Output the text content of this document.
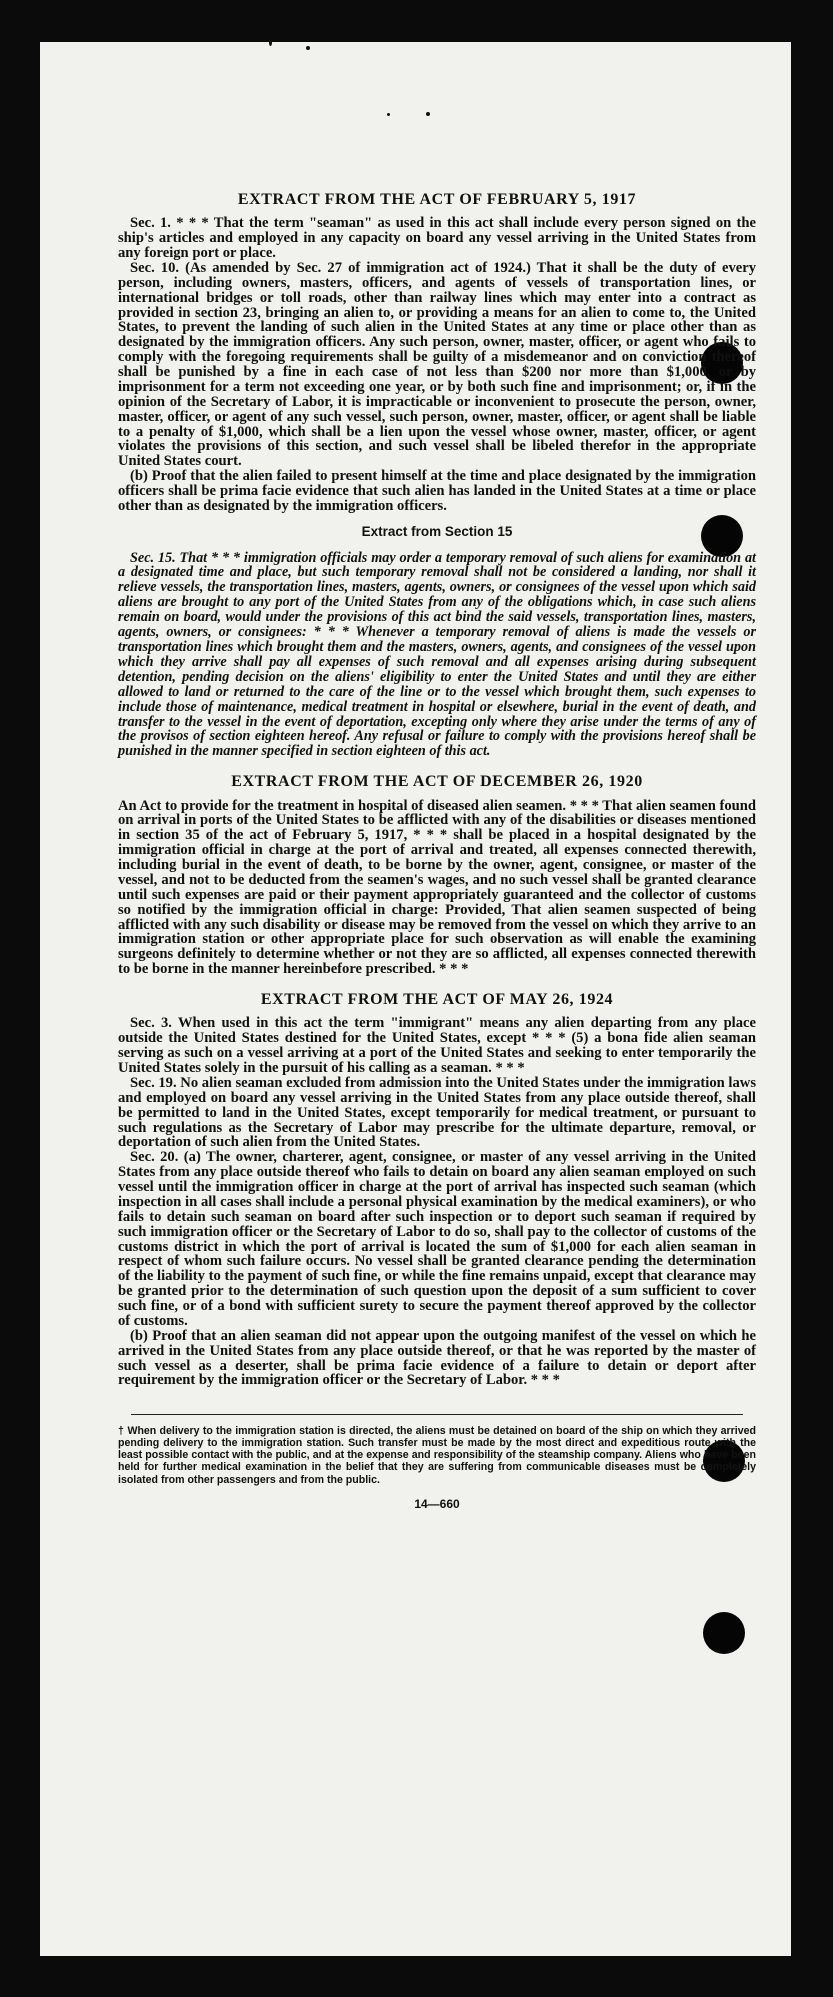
EXTRACT FROM THE ACT OF FEBRUARY 5, 1917

Sec. 1. * * * That the term "seaman" as used in this act shall include every person signed on the ship's articles and employed in any capacity on board any vessel arriving in the United States from any foreign port or place.

Sec. 10. (As amended by Sec. 27 of immigration act of 1924.) That it shall be the duty of every person, including owners, masters, officers, and agents of vessels of transportation lines, or international bridges or toll roads, other than railway lines which may enter into a contract as provided in section 23, bringing an alien to, or providing a means for an alien to come to, the United States, to prevent the landing of such alien in the United States at any time or place other than as designated by the immigration officers. Any such person, owner, master, officer, or agent who fails to comply with the foregoing requirements shall be guilty of a misdemeanor and on conviction thereof shall be punished by a fine in each case of not less than $200 nor more than $1,000, or by imprisonment for a term not exceeding one year, or by both such fine and imprisonment; or, if in the opinion of the Secretary of Labor, it is impracticable or inconvenient to prosecute the person, owner, master, officer, or agent of any such vessel, such person, owner, master, officer, or agent shall be liable to a penalty of $1,000, which shall be a lien upon the vessel whose owner, master, officer, or agent violates the provisions of this section, and such vessel shall be libeled therefor in the appropriate United States court.

(b) Proof that the alien failed to present himself at the time and place designated by the immigration officers shall be prima facie evidence that such alien has landed in the United States at a time or place other than as designated by the immigration officers.

Extract from Section 15

Sec. 15. That * * * immigration officials may order a temporary removal of such aliens for examination at a designated time and place, but such temporary removal shall not be considered a landing, nor shall it relieve vessels, the transportation lines, masters, agents, owners, or consignees of the vessel upon which said aliens are brought to any port of the United States from any of the obligations which, in case such aliens remain on board, would under the provisions of this act bind the said vessels, transportation lines, masters, agents, owners, or consignees: * * * Whenever a temporary removal of aliens is made the vessels or transportation lines which brought them and the masters, owners, agents, and consignees of the vessel upon which they arrive shall pay all expenses of such removal and all expenses arising during subsequent detention, pending decision on the aliens' eligibility to enter the United States and until they are either allowed to land or returned to the care of the line or to the vessel which brought them, such expenses to include those of maintenance, medical treatment in hospital or elsewhere, burial in the event of death, and transfer to the vessel in the event of deportation, excepting only where they arise under the terms of any of the provisos of section eighteen hereof. Any refusal or failure to comply with the provisions hereof shall be punished in the manner specified in section eighteen of this act.

EXTRACT FROM THE ACT OF DECEMBER 26, 1920

An Act to provide for the treatment in hospital of diseased alien seamen. * * * That alien seamen found on arrival in ports of the United States to be afflicted with any of the disabilities or diseases mentioned in section 35 of the act of February 5, 1917, * * * shall be placed in a hospital designated by the immigration official in charge at the port of arrival and treated, all expenses connected therewith, including burial in the event of death, to be borne by the owner, agent, consignee, or master of the vessel, and not to be deducted from the seamen's wages, and no such vessel shall be granted clearance until such expenses are paid or their payment appropriately guaranteed and the collector of customs so notified by the immigration official in charge: Provided, That alien seamen suspected of being afflicted with any such disability or disease may be removed from the vessel on which they arrive to an immigration station or other appropriate place for such observation as will enable the examining surgeons definitely to determine whether or not they are so afflicted, all expenses connected therewith to be borne in the manner hereinbefore prescribed. * * *

EXTRACT FROM THE ACT OF MAY 26, 1924

Sec. 3. When used in this act the term "immigrant" means any alien departing from any place outside the United States destined for the United States, except * * * (5) a bona fide alien seaman serving as such on a vessel arriving at a port of the United States and seeking to enter temporarily the United States solely in the pursuit of his calling as a seaman. * * *

Sec. 19. No alien seaman excluded from admission into the United States under the immigration laws and employed on board any vessel arriving in the United States from any place outside thereof, shall be permitted to land in the United States, except temporarily for medical treatment, or pursuant to such regulations as the Secretary of Labor may prescribe for the ultimate departure, removal, or deportation of such alien from the United States.

Sec. 20. (a) The owner, charterer, agent, consignee, or master of any vessel arriving in the United States from any place outside thereof who fails to detain on board any alien seaman employed on such vessel until the immigration officer in charge at the port of arrival has inspected such seaman (which inspection in all cases shall include a personal physical examination by the medical examiners), or who fails to detain such seaman on board after such inspection or to deport such seaman if required by such immigration officer or the Secretary of Labor to do so, shall pay to the collector of customs of the customs district in which the port of arrival is located the sum of $1,000 for each alien seaman in respect of whom such failure occurs. No vessel shall be granted clearance pending the determination of the liability to the payment of such fine, or while the fine remains unpaid, except that clearance may be granted prior to the determination of such question upon the deposit of a sum sufficient to cover such fine, or of a bond with sufficient surety to secure the payment thereof approved by the collector of customs.

(b) Proof that an alien seaman did not appear upon the outgoing manifest of the vessel on which he arrived in the United States from any place outside thereof, or that he was reported by the master of such vessel as a deserter, shall be prima facie evidence of a failure to detain or deport after requirement by the immigration officer or the Secretary of Labor. * * *

† When delivery to the immigration station is directed, the aliens must be detained on board of the ship on which they arrived pending delivery to the immigration station. Such transfer must be made by the most direct and expeditious route with the least possible contact with the public, and at the expense and responsibility of the steamship company. Aliens who have been held for further medical examination in the belief that they are suffering from communicable diseases must be completely isolated from other passengers and from the public.

14—660
